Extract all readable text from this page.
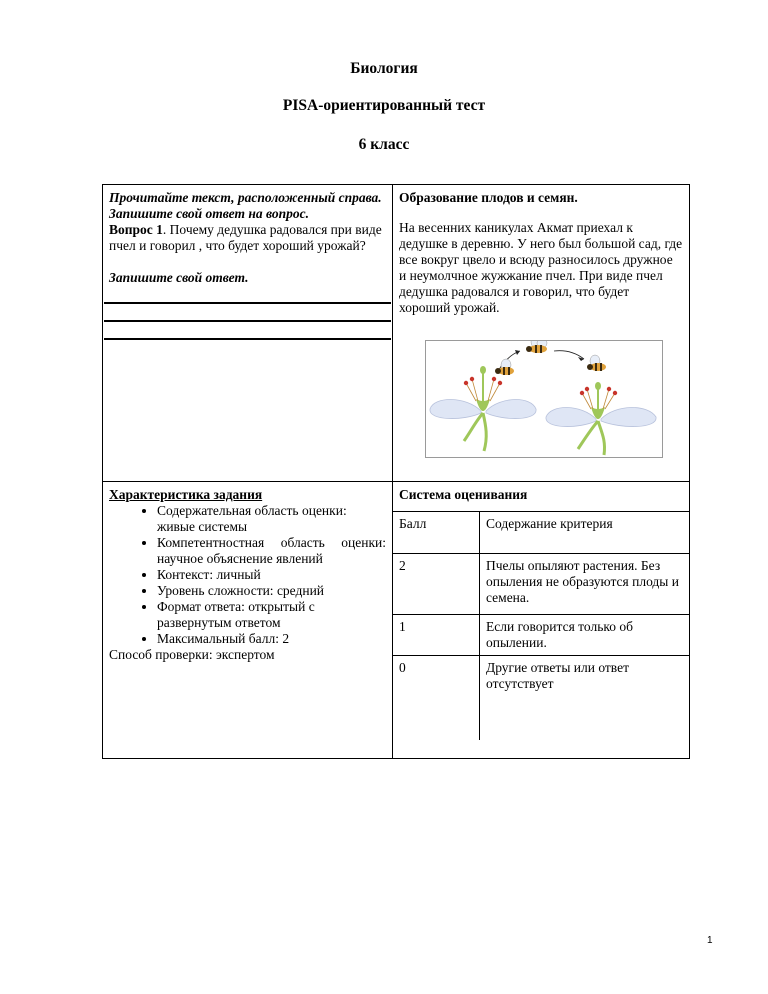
Биология
PISA-ориентированный тест
6 класс
Прочитайте текст, расположенный справа. Запишите свой ответ на вопрос.
Вопрос 1. Почему дедушка радовался при виде пчел и говорил , что будет хороший урожай?
Запишите свой ответ.

Образование плодов и семян.
На весенних каникулах Акмат приехал к дедушке в деревню. У него был большой сад, где все вокруг цвело и всюду разносилось дружное и неумолчное жужжание пчел. При виде пчел дедушка радовался и говорил, что будет хороший урожай.

Характеристика задания
• Содержательная область оценки: живые системы
• Компетентностная область оценки: научное объяснение явлений
• Контекст: личный
• Уровень сложности: средний
• Формат ответа: открытый с развернутым ответом
• Максимальный балл: 2
Способ проверки: экспертом

Система оценивания
Балл	Содержание критерия
2	Пчелы опыляют растения. Без опыления не образуются плоды и семена.
1	Если говорится только об опылении.
0	Другие ответы или ответ отсутствует
1
